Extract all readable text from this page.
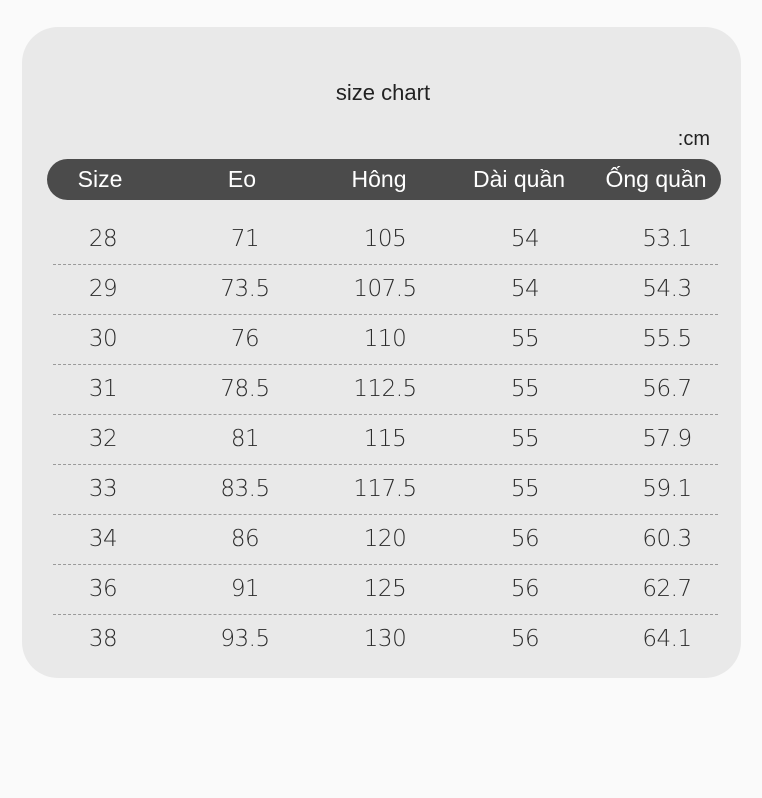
size chart
:cm
Size	Eo	Hông	Dài quần	Ống quần
28	71	105	54	53.1
29	73.5	107.5	54	54.3
30	76	110	55	55.5
31	78.5	112.5	55	56.7
32	81	115	55	57.9
33	83.5	117.5	55	59.1
34	86	120	56	60.3
36	91	125	56	62.7
38	93.5	130	56	64.1
